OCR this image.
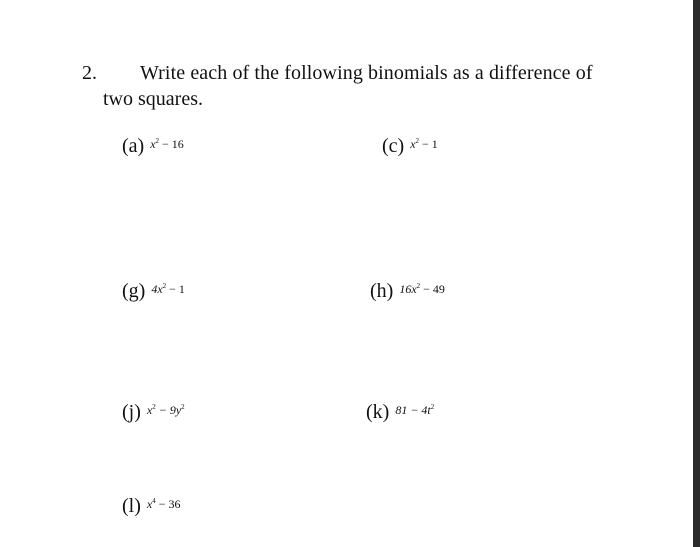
2. Write each of the following binomials as a difference of
two squares.
(a) $^{x^2 - 16}$	(c) $^{x^2 - 1}$
(g) $^{4x^2 - 1}$	(h) $^{16x^2 - 49}$
(j) $^{x^2 - 9y^2}$	(k) $^{81 - 4t^2}$
(l) $^{x^4 - 36}$
